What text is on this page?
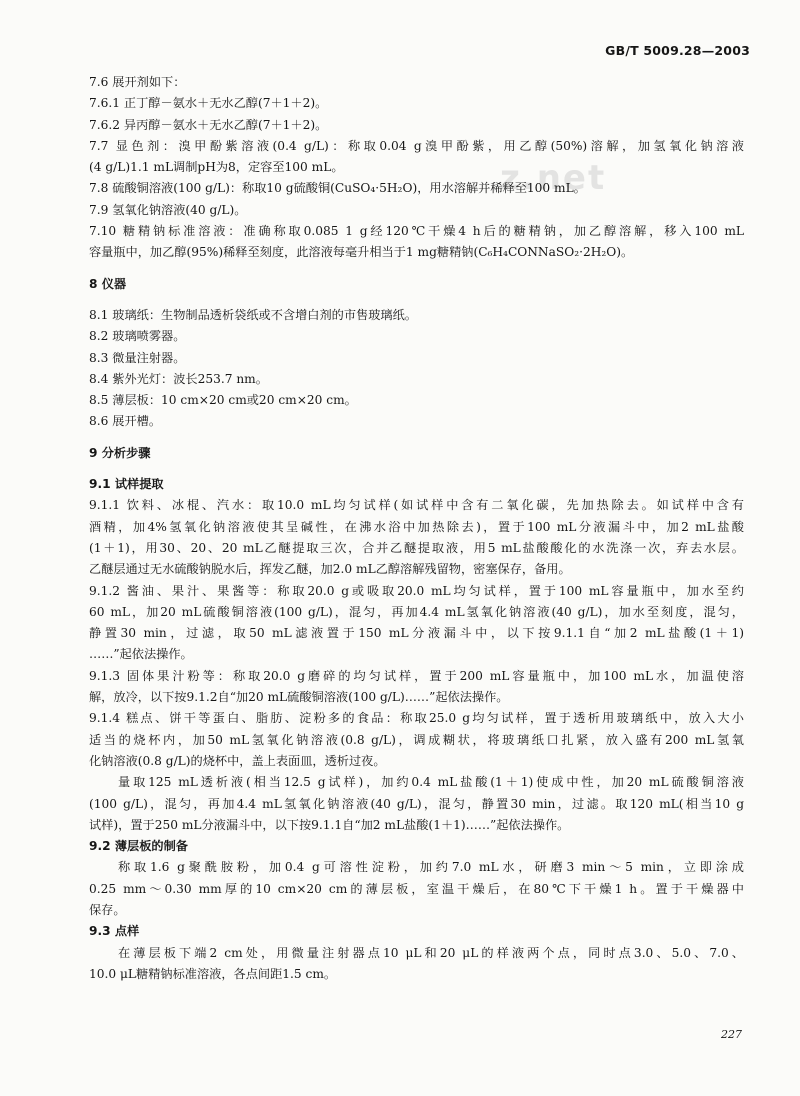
GB/T 5009.28—2003
z.net
7.6 展开剂如下：
7.6.1 正丁醇－氨水＋无水乙醇(7＋1＋2)。
7.6.2 异丙醇－氨水＋无水乙醇(7＋1＋2)。
7.7 显色剂：溴甲酚紫溶液(0.4 g/L)：称取0.04 g溴甲酚紫，用乙醇(50%)溶解，加氢氧化钠溶液
(4 g/L)1.1 mL调制pH为8，定容至100 mL。
7.8 硫酸铜溶液(100 g/L)：称取10 g硫酸铜(CuSO₄·5H₂O)，用水溶解并稀释至100 mL。
7.9 氢氧化钠溶液(40 g/L)。
7.10 糖精钠标准溶液：准确称取0.085 1 g经120℃干燥4 h后的糖精钠，加乙醇溶解，移入100 mL
容量瓶中，加乙醇(95%)稀释至刻度，此溶液每毫升相当于1 mg糖精钠(C₆H₄CONNaSO₂·2H₂O)。
8 仪器
8.1 玻璃纸：生物制品透析袋纸或不含增白剂的市售玻璃纸。
8.2 玻璃喷雾器。
8.3 微量注射器。
8.4 紫外光灯：波长253.7 nm。
8.5 薄层板：10 cm×20 cm或20 cm×20 cm。
8.6 展开槽。
9 分析步骤
9.1 试样提取
9.1.1 饮料、冰棍、汽水：取10.0 mL均匀试样(如试样中含有二氧化碳，先加热除去。如试样中含有
酒精，加4%氢氧化钠溶液使其呈碱性，在沸水浴中加热除去)，置于100 mL分液漏斗中，加2 mL盐酸
(1＋1)，用30、20、20 mL乙醚提取三次，合并乙醚提取液，用5 mL盐酸酸化的水洗涤一次，弃去水层。
乙醚层通过无水硫酸钠脱水后，挥发乙醚，加2.0 mL乙醇溶解残留物，密塞保存，备用。
9.1.2 酱油、果汁、果酱等：称取20.0 g或吸取20.0 mL均匀试样，置于100 mL容量瓶中，加水至约
60 mL，加20 mL硫酸铜溶液(100 g/L)，混匀，再加4.4 mL氢氧化钠溶液(40 g/L)，加水至刻度，混匀，
静置30 min，过滤，取50 mL滤液置于150 mL分液漏斗中，以下按9.1.1自“加2 mL盐酸(1＋1)
……”起依法操作。
9.1.3 固体果汁粉等：称取20.0 g磨碎的均匀试样，置于200 mL容量瓶中，加100 mL水，加温使溶
解，放冷，以下按9.1.2自“加20 mL硫酸铜溶液(100 g/L)……”起依法操作。
9.1.4 糕点、饼干等蛋白、脂肪、淀粉多的食品：称取25.0 g均匀试样，置于透析用玻璃纸中，放入大小
适当的烧杯内，加50 mL氢氧化钠溶液(0.8 g/L)，调成糊状，将玻璃纸口扎紧，放入盛有200 mL氢氧
化钠溶液(0.8 g/L)的烧杯中，盖上表面皿，透析过夜。
量取125 mL透析液(相当12.5 g试样)，加约0.4 mL盐酸(1＋1)使成中性，加20 mL硫酸铜溶液
(100 g/L)，混匀，再加4.4 mL氢氧化钠溶液(40 g/L)，混匀，静置30 min，过滤。取120 mL(相当10 g
试样)，置于250 mL分液漏斗中，以下按9.1.1自“加2 mL盐酸(1＋1)……”起依法操作。
9.2 薄层板的制备
称取1.6 g聚酰胺粉，加0.4 g可溶性淀粉，加约7.0 mL水，研磨3 min～5 min，立即涂成
0.25 mm～0.30 mm厚的10 cm×20 cm的薄层板，室温干燥后，在80℃下干燥1 h。置于干燥器中
保存。
9.3 点样
在薄层板下端2 cm处，用微量注射器点10 μL和20 μL的样液两个点，同时点3.0、5.0、7.0、
10.0 μL糖精钠标准溶液，各点间距1.5 cm。
227
